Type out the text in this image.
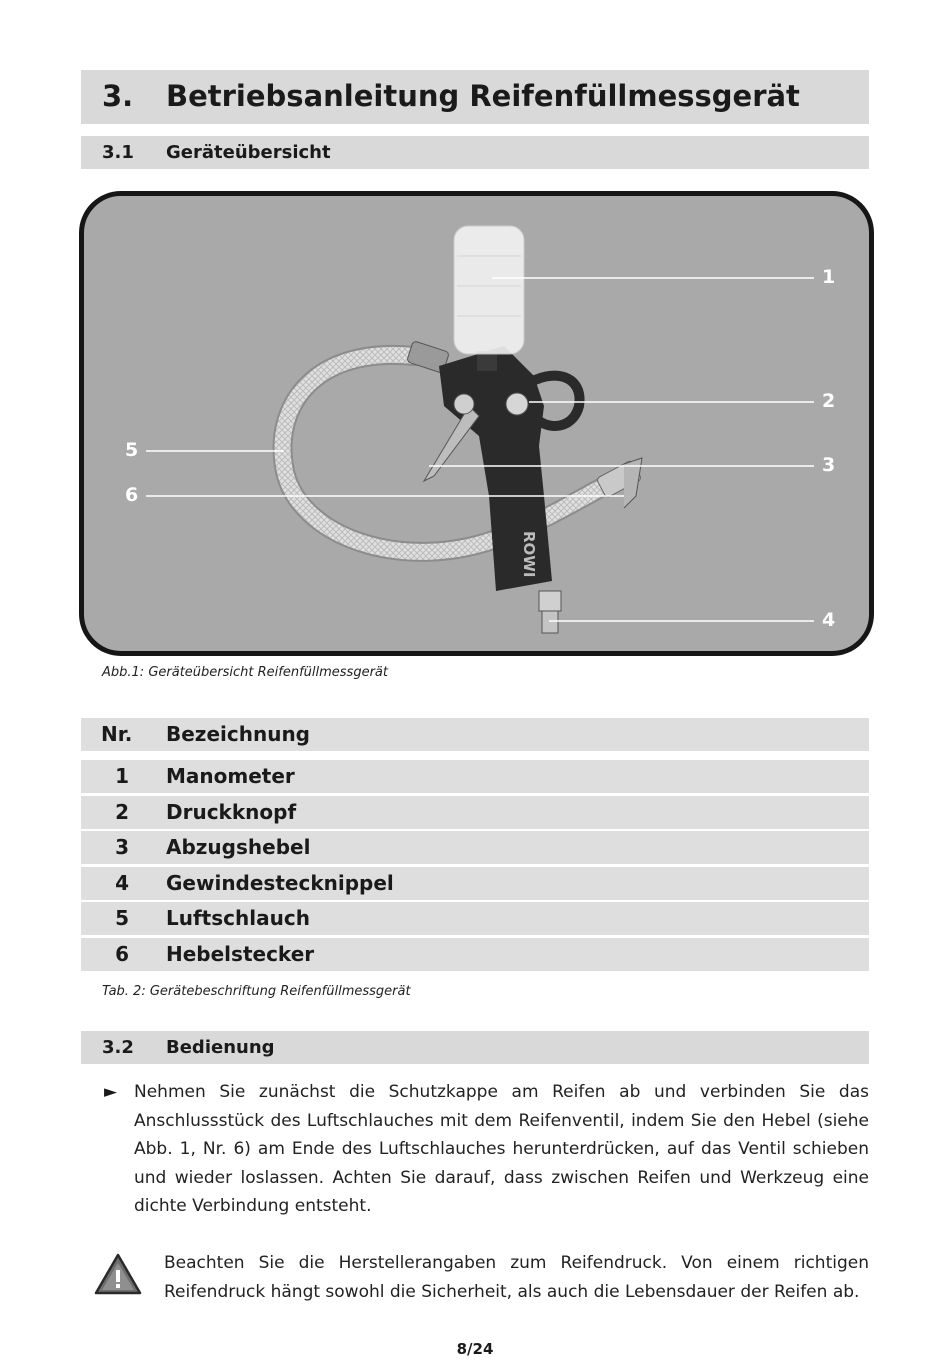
3. Betriebsanleitung Reifenfüllmessgerät
3.1 Geräteübersicht
ROWI
1
2
3
4
5
6
Abb.1: Geräteübersicht Reifenfüllmessgerät
Nr. Bezeichnung
1 Manometer
2 Druckknopf
3 Abzugshebel
4 Gewindestecknippel
5 Luftschlauch
6 Hebelstecker
Tab. 2: Gerätebeschriftung Reifenfüllmessgerät
3.2 Bedienung
► Nehmen Sie zunächst die Schutzkappe am Reifen ab und verbinden Sie das Anschlussstück des Luftschlauches mit dem Reifenventil, indem Sie den Hebel (siehe Abb. 1, Nr. 6) am Ende des Luftschlauches herunterdrücken, auf das Ventil schieben und wieder loslassen. Achten Sie darauf, dass zwischen Reifen und Werkzeug eine dichte Verbindung entsteht.
Beachten Sie die Herstellerangaben zum Reifendruck. Von einem richtigen Reifendruck hängt sowohl die Sicherheit, als auch die Lebensdauer der Reifen ab.
8/24
